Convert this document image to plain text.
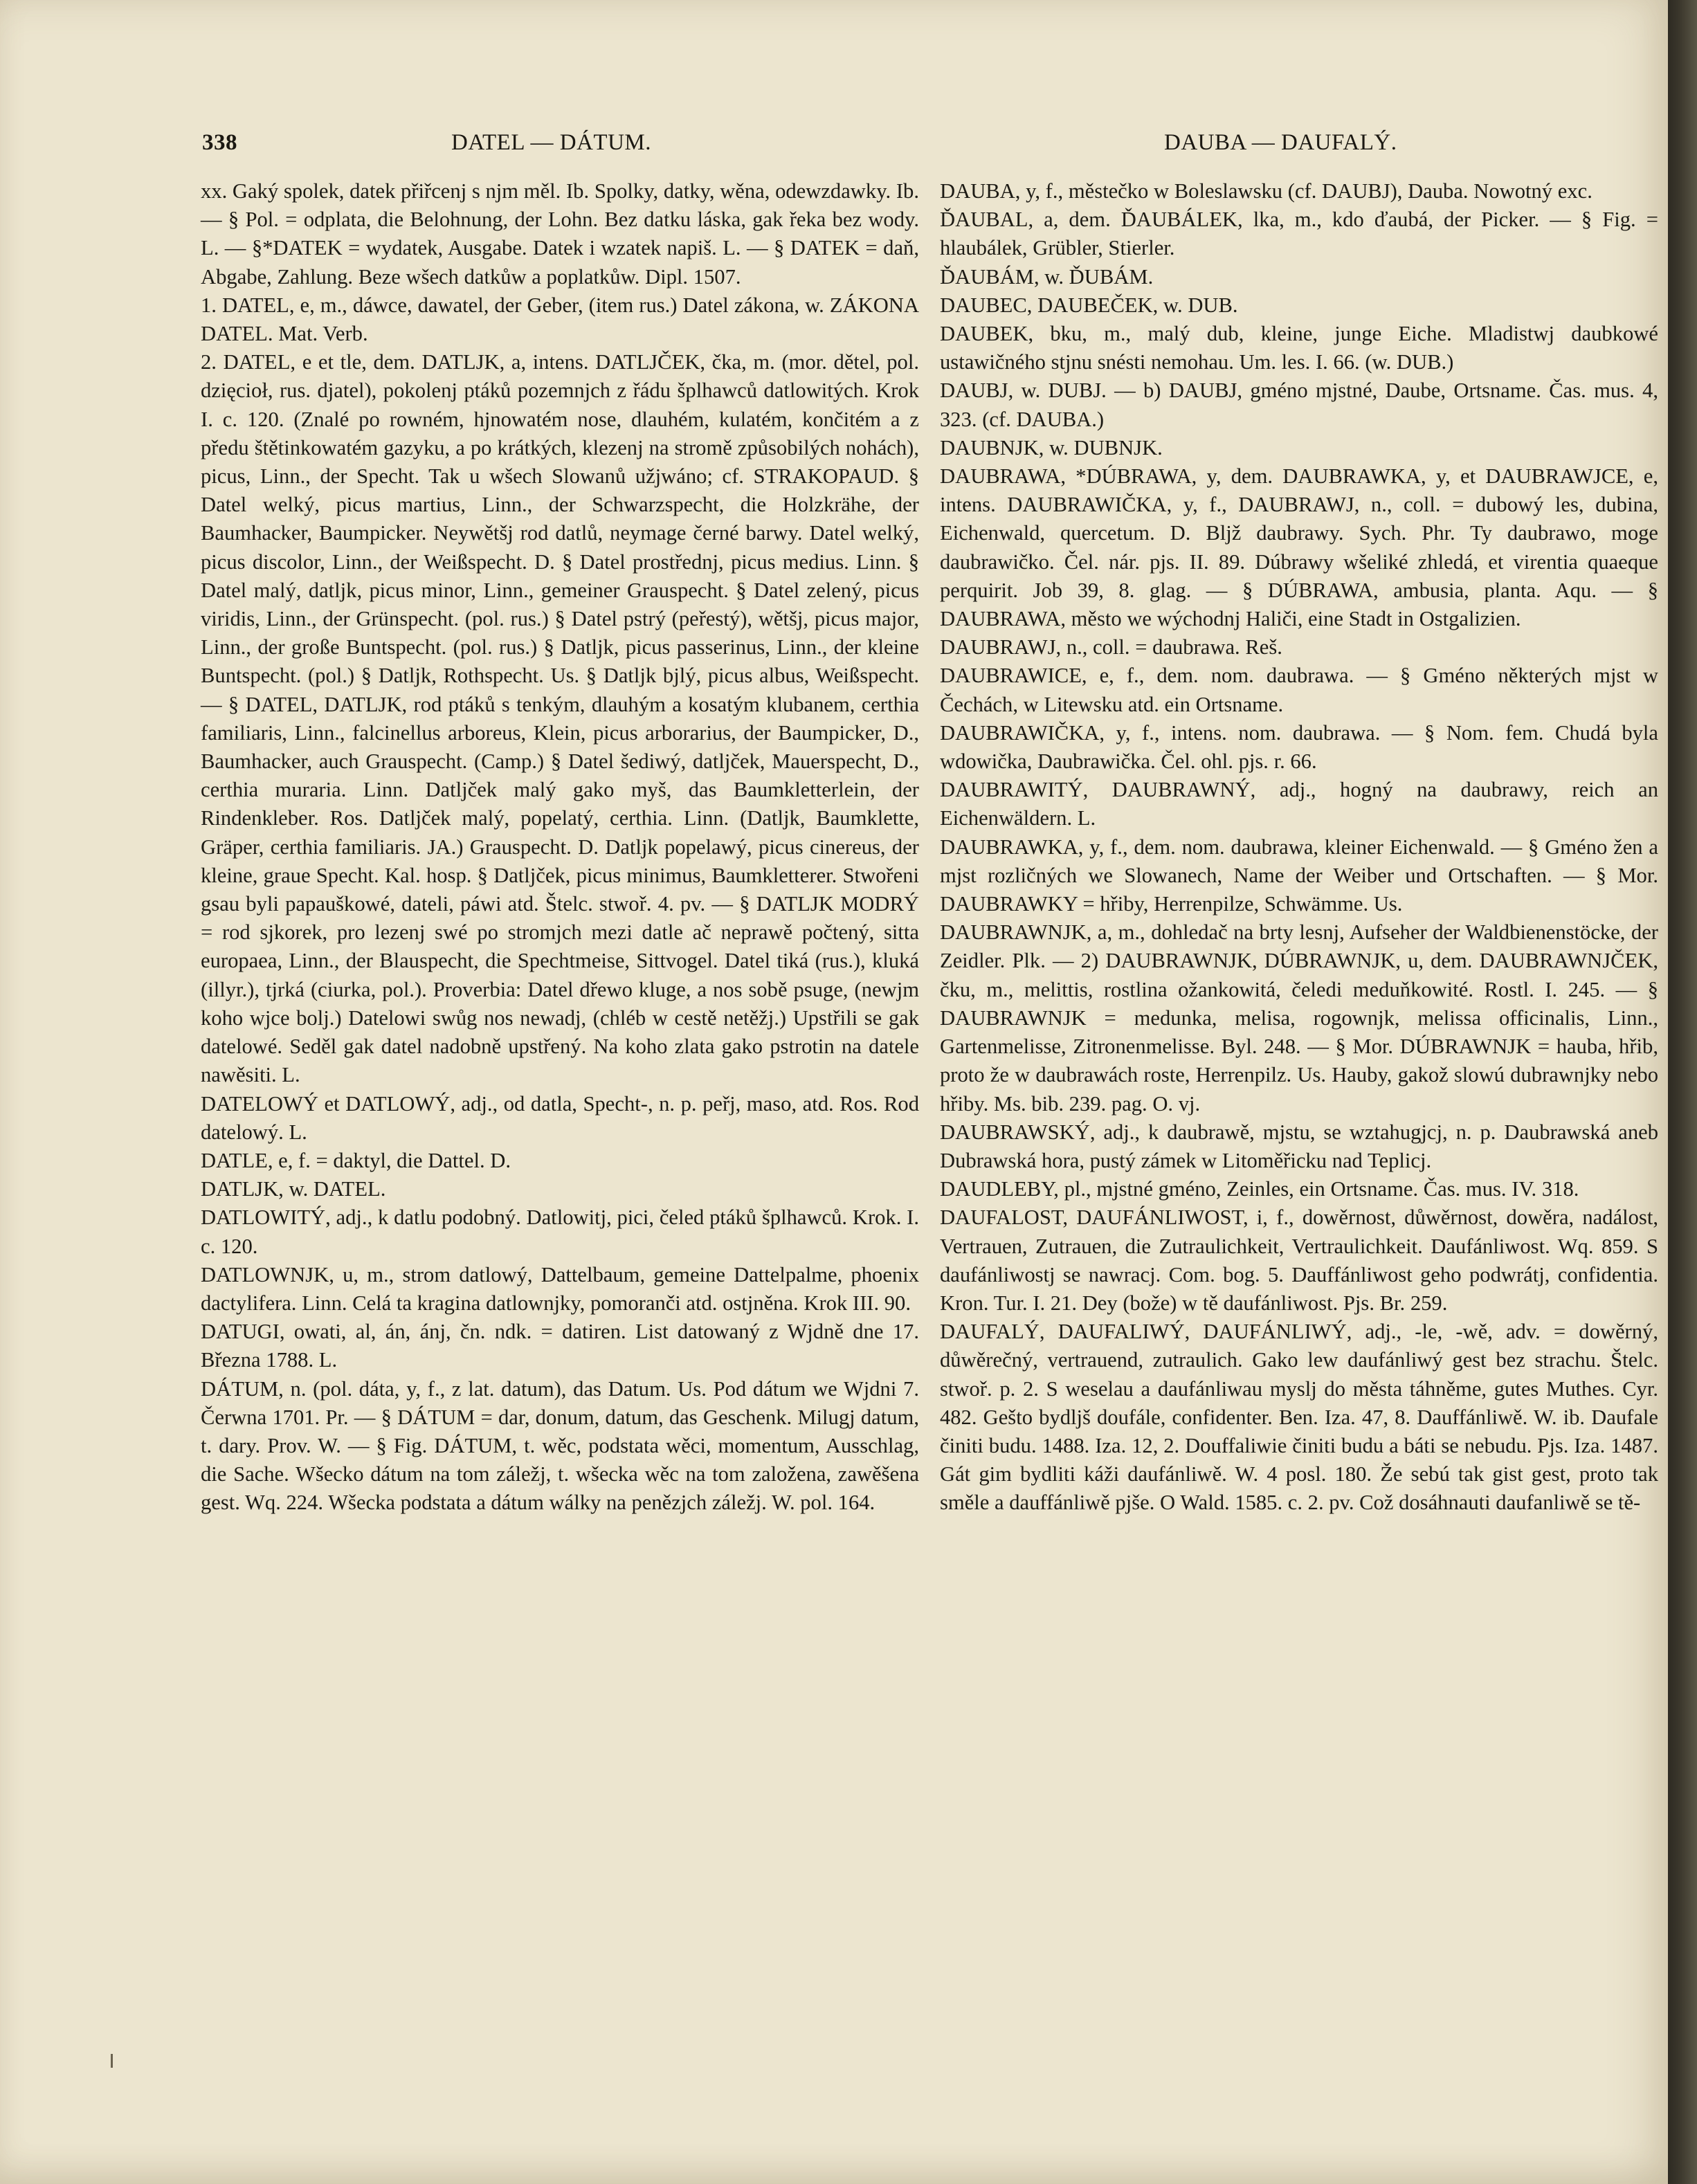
338	DATEL — DÁTUM.	DAUBA — DAUFALÝ.

xx. Gaký spolek, datek přiřcenj s njm měl. Ib. Spolky, datky, wěna, odewzdawky. Ib. — § Pol. = odplata, die Belohnung, der Lohn. Bez datku láska, gak řeka bez wody. L. — §*DATEK = wydatek, Ausgabe. Datek i wzatek napiš. L. — § DATEK = daň, Abgabe, Zahlung. Beze wšech datkůw a poplatkůw. Dipl. 1507.

1. DATEL, e, m., dáwce, dawatel, der Geber, (item rus.) Datel zákona, w. ZÁKONA DATEL. Mat. Verb.

2. DATEL, e et tle, dem. DATLJK, a, intens. DATLJČEK, čka, m. (mor. dětel, pol. dzięcioł, rus. djatel), pokolenj ptáků pozemnjch z řádu šplhawců datlowitých. Krok I. c. 120. (Znalé po rowném, hjnowatém nose, dlauhém, kulatém, končitém a z předu štětinkowatém gazyku, a po krátkých, klezenj na stromě způsobilých nohách), picus, Linn., der Specht. Tak u wšech Slowanů užjwáno; cf. STRAKOPAUD. § Datel welký, picus martius, Linn., der Schwarzspecht, die Holzkrähe, der Baumhacker, Baumpicker. Neywětšj rod datlů, neymage černé barwy. Datel welký, picus discolor, Linn., der Weißspecht. D. § Datel prostřednj, picus medius. Linn. § Datel malý, datljk, picus minor, Linn., gemeiner Grauspecht. § Datel zelený, picus viridis, Linn., der Grünspecht. (pol. rus.) § Datel pstrý (peřestý), wětšj, picus major, Linn., der große Buntspecht. (pol. rus.) § Datljk, picus passerinus, Linn., der kleine Buntspecht. (pol.) § Datljk, Rothspecht. Us. § Datljk bjlý, picus albus, Weißspecht. — § DATEL, DATLJK, rod ptáků s tenkým, dlauhým a kosatým klubanem, certhia familiaris, Linn., falcinellus arboreus, Klein, picus arborarius, der Baumpicker, D., Baumhacker, auch Grauspecht. (Camp.) § Datel šediwý, datljček, Mauerspecht, D., certhia muraria. Linn. Datljček malý gako myš, das Baumkletterlein, der Rindenkleber. Ros. Datljček malý, popelatý, certhia. Linn. (Datljk, Baumklette, Gräper, certhia familiaris. JA.) Grauspecht. D. Datljk popelawý, picus cinereus, der kleine, graue Specht. Kal. hosp. § Datljček, picus minimus, Baumkletterer. Stwořeni gsau byli papauškowé, dateli, páwi atd. Štelc. stwoř. 4. pv. — § DATLJK MODRÝ = rod sjkorek, pro lezenj swé po stromjch mezi datle ač neprawě počtený, sitta europaea, Linn., der Blauspecht, die Spechtmeise, Sittvogel. Datel tiká (rus.), kluká (illyr.), tjrká (ciurka, pol.). Proverbia: Datel dřewo kluge, a nos sobě psuge, (newjm koho wjce bolj.) Datelowi swůg nos newadj, (chléb w cestě netěžj.) Upstřili se gak datelowé. Seděl gak datel nadobně upstřený. Na koho zlata gako pstrotin na datele nawěsiti. L.

DATELOWÝ et DATLOWÝ, adj., od datla, Specht-, n. p. peřj, maso, atd. Ros. Rod datelowý. L.

DATLE, e, f. = daktyl, die Dattel. D.

DATLJK, w. DATEL.

DATLOWITÝ, adj., k datlu podobný. Datlowitj, pici, čeled ptáků šplhawců. Krok. I. c. 120.

DATLOWNJK, u, m., strom datlowý, Dattelbaum, gemeine Dattelpalme, phoenix dactylifera. Linn. Celá ta kragina datlownjky, pomoranči atd. ostjněna. Krok III. 90.

DATUGI, owati, al, án, ánj, čn. ndk. = datiren. List datowaný z Wjdně dne 17. Března 1788. L.

DÁTUM, n. (pol. dáta, y, f., z lat. datum), das Datum. Us. Pod dátum we Wjdni 7. Čerwna 1701. Pr. — § DÁTUM = dar, donum, datum, das Geschenk. Milugj datum, t. dary. Prov. W. — § Fig. DÁTUM, t. wěc, podstata wěci, momentum, Ausschlag, die Sache. Wšecko dátum na tom záležj, t. wšecka wěc na tom založena, zawěšena gest. Wq. 224. Wšecka podstata a dátum wálky na penězjch záležj. W. pol. 164.

DAUBA, y, f., městečko w Boleslawsku (cf. DAUBJ), Dauba. Nowotný exc.

ĎAUBAL, a, dem. ĎAUBÁLEK, lka, m., kdo ďaubá, der Picker. — § Fig. = hlaubálek, Grübler, Stierler.

ĎAUBÁM, w. ĎUBÁM.

DAUBEC, DAUBEČEK, w. DUB.

DAUBEK, bku, m., malý dub, kleine, junge Eiche. Mladistwj daubkowé ustawičného stjnu snésti nemohau. Um. les. I. 66. (w. DUB.)

DAUBJ, w. DUBJ. — b) DAUBJ, gméno mjstné, Daube, Ortsname. Čas. mus. 4, 323. (cf. DAUBA.)

DAUBNJK, w. DUBNJK.

DAUBRAWA, *DÚBRAWA, y, dem. DAUBRAWKA, y, et DAUBRAWJCE, e, intens. DAUBRAWIČKA, y, f., DAUBRAWJ, n., coll. = dubowý les, dubina, Eichenwald, quercetum. D. Bljž daubrawy. Sych. Phr. Ty daubrawo, moge daubrawičko. Čel. nár. pjs. II. 89. Dúbrawy wšeliké zhledá, et virentia quaeque perquirit. Job 39, 8. glag. — § DÚBRAWA, ambusia, planta. Aqu. — § DAUBRAWA, město we wýchodnj Haliči, eine Stadt in Ostgalizien.

DAUBRAWJ, n., coll. = daubrawa. Reš.

DAUBRAWICE, e, f., dem. nom. daubrawa. — § Gméno některých mjst w Čechách, w Litewsku atd. ein Ortsname.

DAUBRAWIČKA, y, f., intens. nom. daubrawa. — § Nom. fem. Chudá byla wdowička, Daubrawička. Čel. ohl. pjs. r. 66.

DAUBRAWITÝ, DAUBRAWNÝ, adj., hogný na daubrawy, reich an Eichenwäldern. L.

DAUBRAWKA, y, f., dem. nom. daubrawa, kleiner Eichenwald. — § Gméno žen a mjst rozličných we Slowanech, Name der Weiber und Ortschaften. — § Mor. DAUBRAWKY = hřiby, Herrenpilze, Schwämme. Us.

DAUBRAWNJK, a, m., dohledač na brty lesnj, Aufseher der Waldbienenstöcke, der Zeidler. Plk. — 2) DAUBRAWNJK, DÚBRAWNJK, u, dem. DAUBRAWNJČEK, čku, m., melittis, rostlina ožankowitá, čeledi meduňkowité. Rostl. I. 245. — § DAUBRAWNJK = medunka, melisa, rogownjk, melissa officinalis, Linn., Gartenmelisse, Zitronenmelisse. Byl. 248. — § Mor. DÚBRAWNJK = hauba, hřib, proto že w daubrawách roste, Herrenpilz. Us. Hauby, gakož slowú dubrawnjky nebo hřiby. Ms. bib. 239. pag. O. vj.

DAUBRAWSKÝ, adj., k daubrawě, mjstu, se wztahugjcj, n. p. Daubrawská aneb Dubrawská hora, pustý zámek w Litoměřicku nad Teplicj.

DAUDLEBY, pl., mjstné gméno, Zeinles, ein Ortsname. Čas. mus. IV. 318.

DAUFALOST, DAUFÁNLIWOST, i, f., dowěrnost, důwěrnost, dowěra, nadálost, Vertrauen, Zutrauen, die Zutraulichkeit, Vertraulichkeit. Daufánliwost. Wq. 859. S daufánliwostj se nawracj. Com. bog. 5. Dauffánliwost geho podwrátj, confidentia. Kron. Tur. I. 21. Dey (bože) w tě daufánliwost. Pjs. Br. 259.

DAUFALÝ, DAUFALIWÝ, DAUFÁNLIWÝ, adj., -le, -wě, adv. = dowěrný, důwěrečný, vertrauend, zutraulich. Gako lew daufánliwý gest bez strachu. Štelc. stwoř. p. 2. S weselau a daufánliwau myslj do města táhněme, gutes Muthes. Cyr. 482. Gešto bydljš doufále, confidenter. Ben. Iza. 47, 8. Dauffánliwě. W. ib. Daufale činiti budu. 1488. Iza. 12, 2. Douffaliwie činiti budu a báti se nebudu. Pjs. Iza. 1487. Gát gim bydliti káži daufánliwě. W. 4 posl. 180. Že sebú tak gist gest, proto tak směle a dauffánliwě pjše. O Wald. 1585. c. 2. pv. Což dosáhnauti daufanliwě se tě-
